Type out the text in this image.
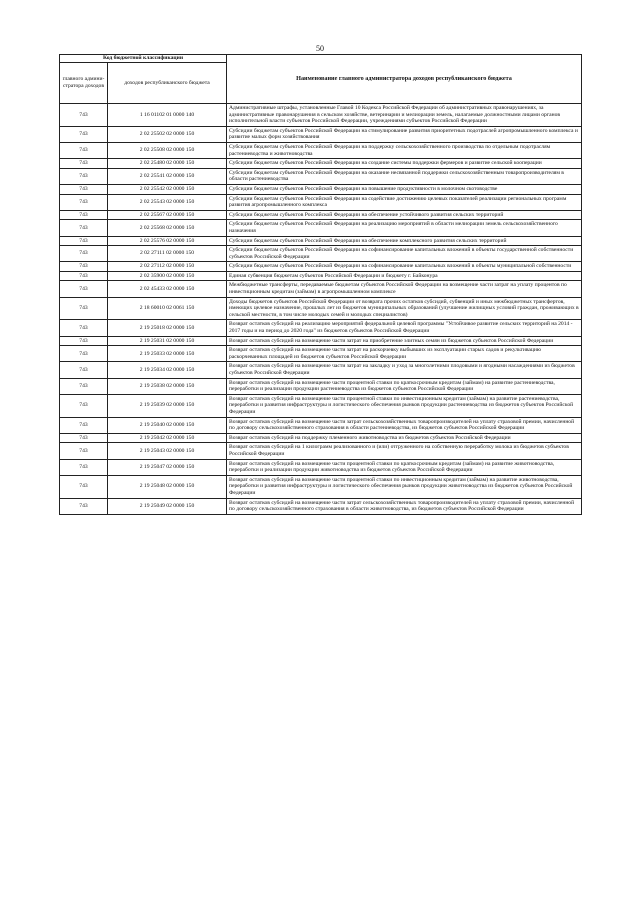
50
Код бюджетной классификации		Наименование главного администратора доходов республиканского бюджета
главного админи-стратора доходов	доходов республиканского бюджета	
743	1 16 01102 01 0000 140	Административные штрафы, установленные Главой 10 Кодекса Российской Федерации об административных правонарушениях, за административные правонарушения в сельском хозяйстве, ветеринарии и мелиорации земель, налагаемые должностными лицами органов исполнительной власти субъектов Российской Федерации, учреждениями субъектов Российской Федерации
743	2 02 25502 02 0000 150	Субсидии бюджетам субъектов Российской Федерации на стимулирование развития приоритетных подотраслей агропромышленного комплекса и развитие малых форм хозяйствования
743	2 02 25508 02 0000 150	Субсидии бюджетам субъектов Российской Федерации на поддержку сельскохозяйственного производства по отдельным подотраслям растениеводства и животноводства
743	2 02 25480 02 0000 150	Субсидии бюджетам субъектов Российской Федерации на создание системы поддержки фермеров и развитие сельской кооперации
743	2 02 25541 02 0000 150	Субсидии бюджетам субъектов Российской Федерации на оказание несвязанной поддержки сельскохозяйственным товаропроизводителям в области растениеводства
743	2 02 25542 02 0000 150	Субсидии бюджетам субъектов Российской Федерации на повышение продуктивности в молочном скотоводстве
743	2 02 25543 02 0000 150	Субсидии бюджетам субъектов Российской Федерации на содействие достижению целевых показателей реализации региональных программ развития агропромышленного комплекса
743	2 02 25567 02 0000 150	Субсидии бюджетам субъектов Российской Федерации на обеспечение устойчивого развития сельских территорий
743	2 02 25568 02 0000 150	Субсидии бюджетам субъектов Российской Федерации на реализацию мероприятий в области мелиорации земель сельскохозяйственного назначения
743	2 02 25576 02 0000 150	Субсидии бюджетам субъектов Российской Федерации на обеспечение комплексного развития сельских территорий
743	2 02 27111 02 0000 150	Субсидии бюджетам субъектов Российской Федерации на софинансирование капитальных вложений в объекты государственной собственности субъектов Российской Федерации
743	2 02 27112 02 0000 150	Субсидии бюджетам субъектов Российской Федерации на софинансирование капитальных вложений в объекты муниципальной собственности
743	2 02 35900 02 0000 150	Единая субвенция бюджетам субъектов Российской Федерации и бюджету г. Байконура
743	2 02 45433 02 0000 150	Межбюджетные трансферты, передаваемые бюджетам субъектов Российской Федерации на возмещение части затрат на уплату процентов по инвестиционным кредитам (займам) в агропромышленном комплексе
743	2 18 60010 02 0061 150	Доходы бюджетов субъектов Российской Федерации от возврата прочих остатков субсидий, субвенций и иных межбюджетных трансфертов, имеющих целевое назначение, прошлых лет из бюджетов муниципальных образований (улучшение жилищных условий граждан, проживающих в сельской местности, в том числе молодых семей и молодых специалистов)
743	2 19 25018 02 0000 150	Возврат остатков субсидий на реализацию мероприятий федеральной целевой программы "Устойчивое развитие сельских территорий на 2014 - 2017 годы и на период до 2020 года" из бюджетов субъектов Российской Федерации
743	2 19 25031 02 0000 150	Возврат остатков субсидий на возмещение части затрат на приобретение элитных семян из бюджетов субъектов Российской Федерации
743	2 19 25033 02 0000 150	Возврат остатков субсидий на возмещение части затрат на раскорчевку выбывших из эксплуатации старых садов и рекультивацию раскорчеванных площадей из бюджетов субъектов Российской Федерации
743	2 19 25034 02 0000 150	Возврат остатков субсидий на возмещение части затрат на закладку и уход за многолетними плодовыми и ягодными насаждениями из бюджетов субъектов Российской Федерации
743	2 19 25038 02 0000 150	Возврат остатков субсидий на возмещение части процентной ставки по краткосрочным кредитам (займам) на развитие растениеводства, переработки и реализации продукции растениеводства из бюджетов субъектов Российской Федерации
743	2 19 25039 02 0000 150	Возврат остатков субсидий на возмещение части процентной ставки по инвестиционным кредитам (займам) на развитие растениеводства, переработки и развития инфраструктуры и логистического обеспечения рынков продукции растениеводства из бюджетов субъектов Российской Федерации
743	2 19 25040 02 0000 150	Возврат остатков субсидий на возмещение части затрат сельскохозяйственных товаропроизводителей на уплату страховой премии, начисленной по договору сельскохозяйственного страхования в области растениеводства, из бюджетов субъектов Российской Федерации
743	2 19 25042 02 0000 150	Возврат остатков субсидий на поддержку племенного животноводства из бюджетов субъектов Российской Федерации
743	2 19 25043 02 0000 150	Возврат остатков субсидий на 1 килограмм реализованного и (или) отгруженного на собственную переработку молока из бюджетов субъектов Российской Федерации
743	2 19 25047 02 0000 150	Возврат остатков субсидий на возмещение части процентной ставки по краткосрочным кредитам (займам) на развитие животноводства, переработки и реализации продукции животноводства из бюджетов субъектов Российской Федерации
743	2 19 25048 02 0000 150	Возврат остатков субсидий на возмещение части процентной ставки по инвестиционным кредитам (займам) на развитие животноводства, переработки и развития инфраструктуры и логистического обеспечения рынков продукции животноводства из бюджетов субъектов Российской Федерации
743	2 19 25049 02 0000 150	Возврат остатков субсидий на возмещение части затрат сельскохозяйственных товаропроизводителей на уплату страховой премии, начисленной по договору сельскохозяйственного страхования в области животноводства, из бюджетов субъектов Российской Федерации
